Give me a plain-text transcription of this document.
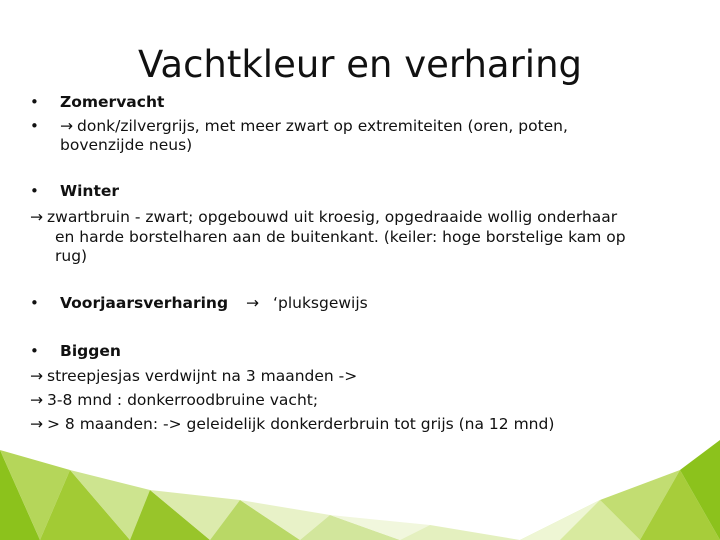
Vachtkleur en verharing
• Zomervacht
• → donk/zilvergrijs, met meer zwart op extremiteiten (oren, poten,
bovenzijde neus)
• Winter
→ zwartbruin - zwart; opgebouwd uit kroesig, opgedraaide wollig onderhaar
en harde borstelharen aan de buitenkant. (keiler: hoge borstelige kam op
rug)
• Voorjaarsverharing → ‘pluksgewijs
• Biggen
→ streepjesjas verdwijnt na 3 maanden ->
→ 3-8 mnd : donkerroodbruine vacht;
→ > 8 maanden: -> geleidelijk donkerderbruin tot grijs (na 12 mnd)
